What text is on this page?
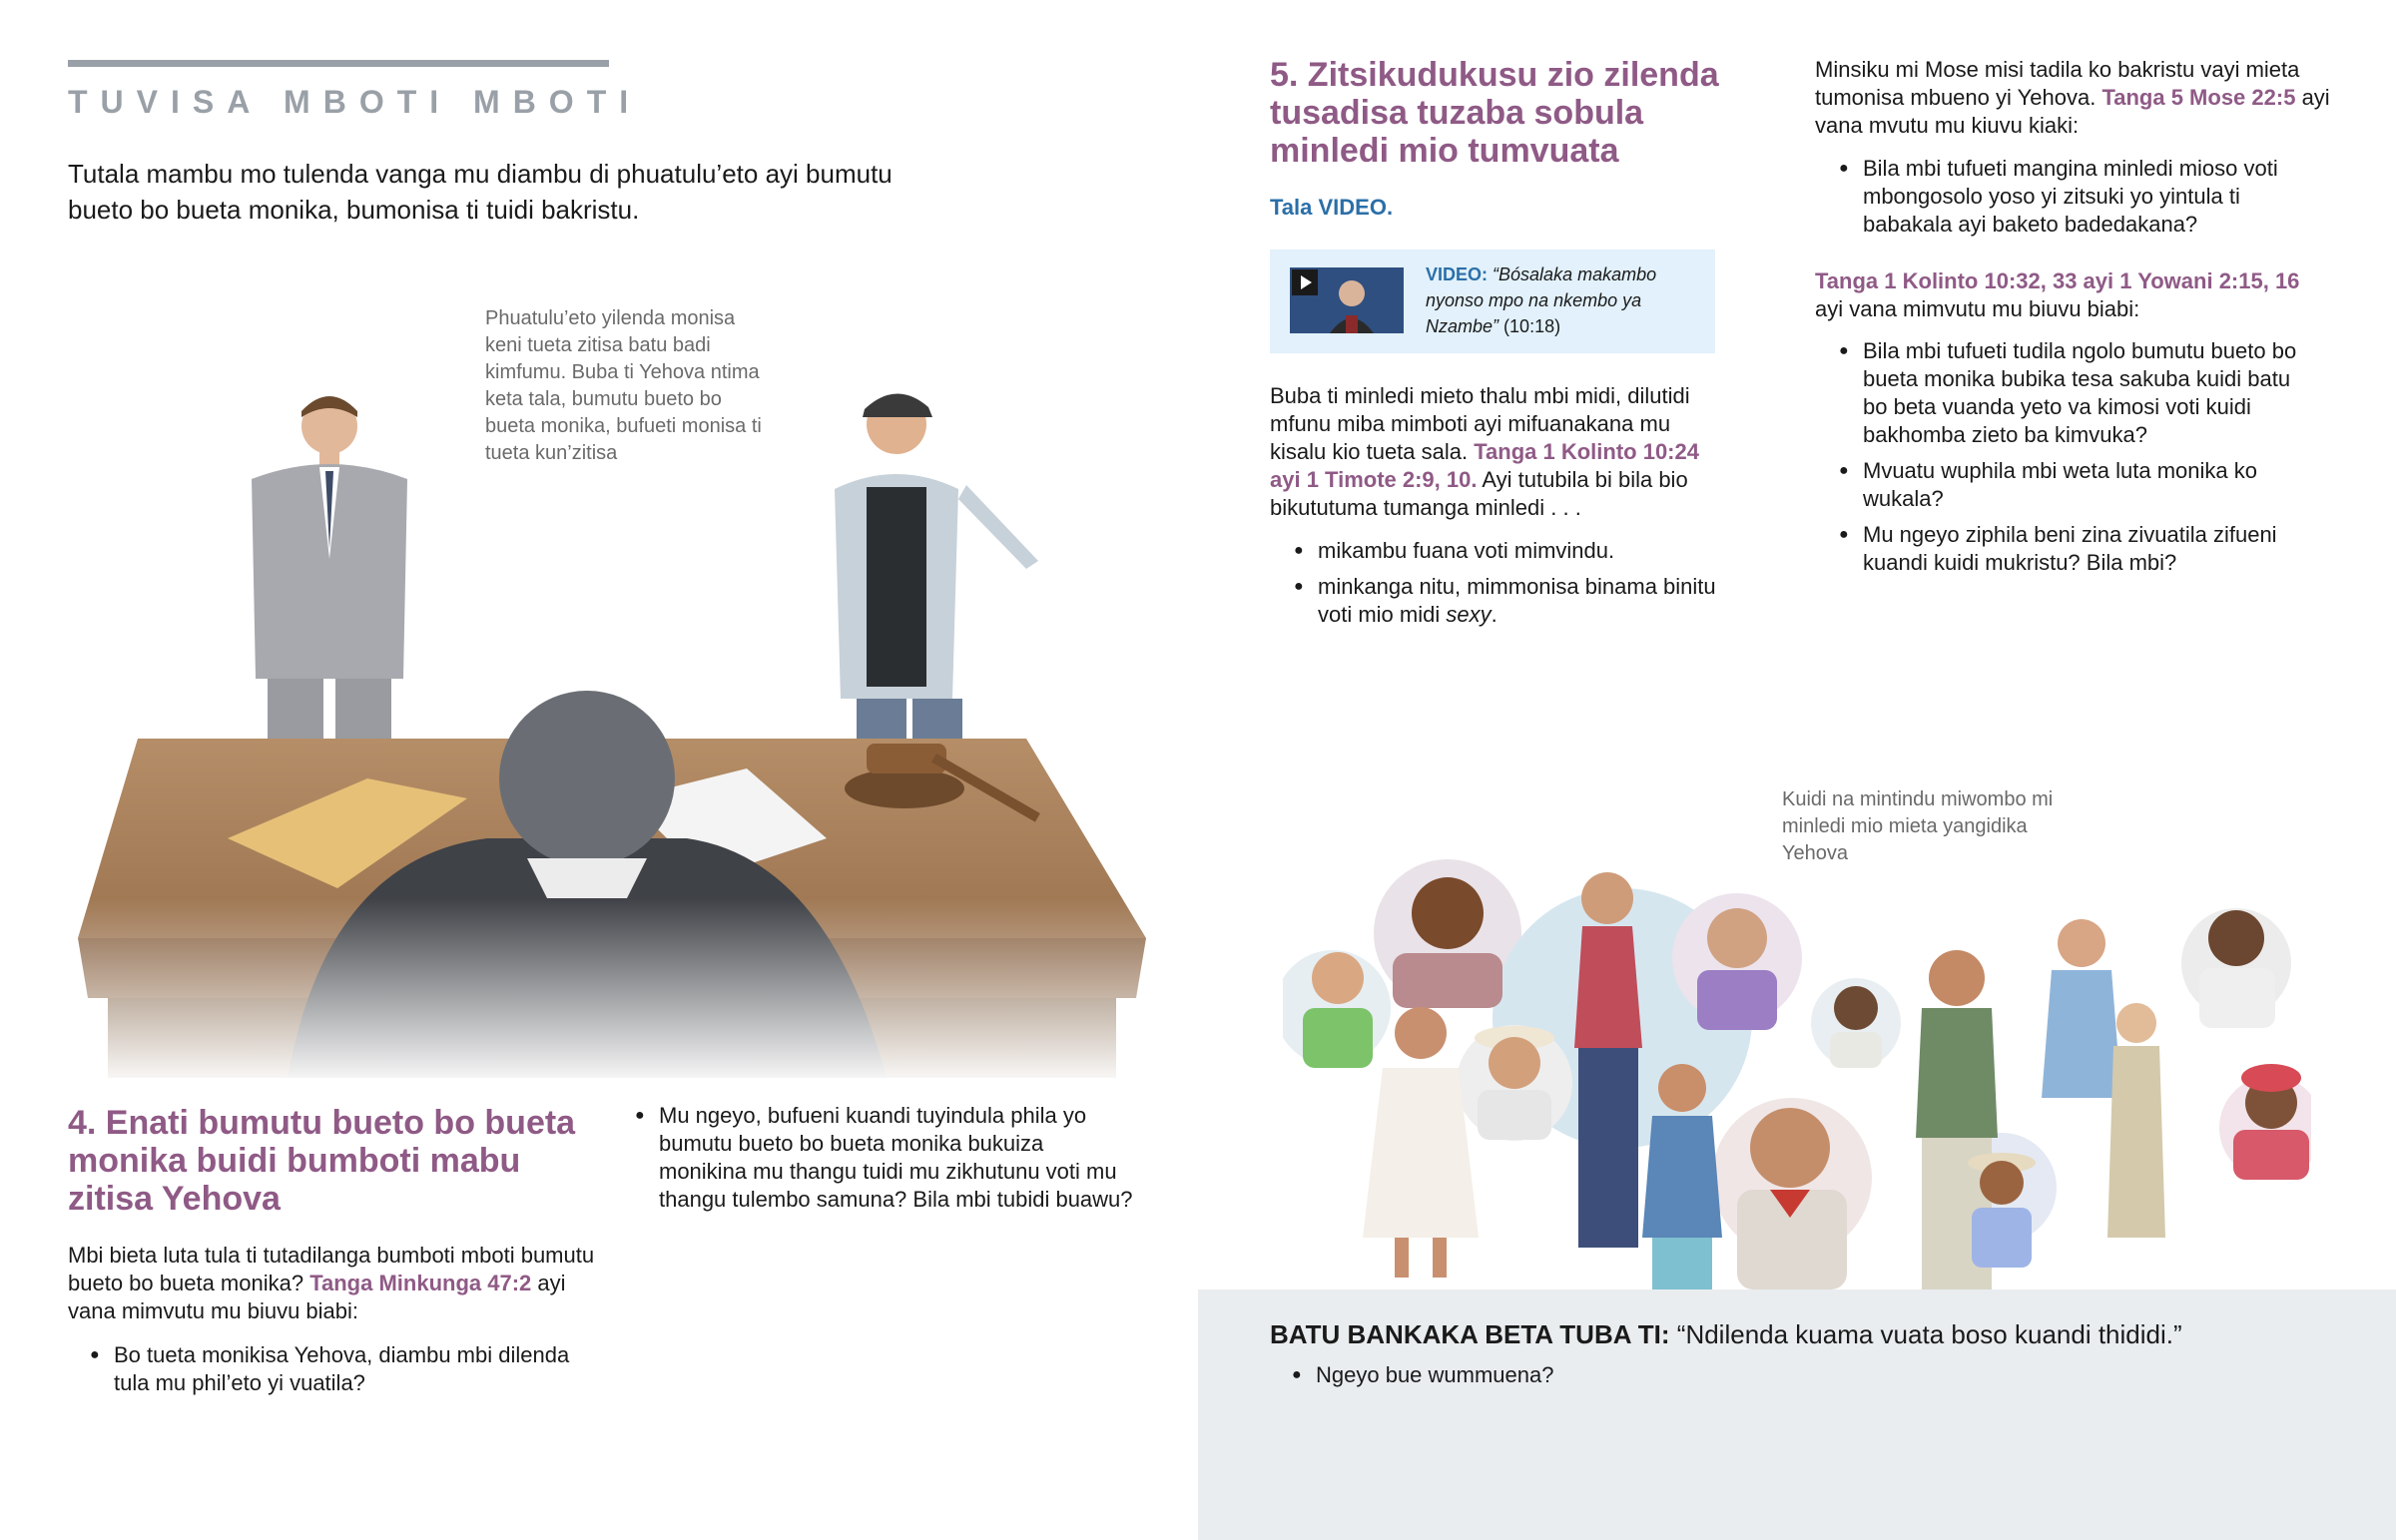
TUVISA MBOTI MBOTI

Tutala mambu mo tulenda vanga mu diambu di phuatulu’eto ayi bumutu bueto bo bueta monika, bumonisa ti tuidi bakristu.

Phuatulu’eto yilenda monisa keni tueta zitisa batu badi kimfumu. Buba ti Yehova ntima keta tala, bumutu bueto bo bueta monika, bufueti monisa ti tueta kun’zitisa

4. Enati bumutu bueto bo bueta monika buidi bumboti mabu zitisa Yehova

Mbi bieta luta tula ti tutadilanga bumboti mboti bumutu bueto bo bueta monika? Tanga Minkunga 47:2 ayi vana mimvutu mu biuvu biabi:

● Bo tueta monikisa Yehova, diambu mbi dilenda tula mu phil’eto yi vuatila?
● Mu ngeyo, bufueni kuandi tuyindula phila yo bumutu bueto bo bueta monika bukuiza monikina mu thangu tuidi mu zikhutunu voti mu thangu tulembo samuna? Bila mbi tubidi buawu?
5. Zitsikudukusu zio zilenda tusadisa tuzaba sobula minledi mio tumvuata
Tala VIDEO.
VIDEO: “Bósalaka makambo nyonso mpo na nkembo ya Nzambe” (10:18)

Buba ti minledi mieto thalu mbi midi, dilutidi mfunu miba mimboti ayi mifuanakana mu kisalu kio tueta sala. Tanga 1 Kolinto 10:24 ayi 1 Timote 2:9, 10. Ayi tutubila bi bila bio bikututuma tumanga minledi . . .

● mikambu fuana voti mimvindu.
● minkanga nitu, mimmonisa binama binitu voti mio midi sexy.

Minsiku mi Mose misi tadila ko bakristu vayi mieta tumonisa mbueno yi Yehova. Tanga 5 Mose 22:5 ayi vana mvutu mu kiuvu kiaki:

● Bila mbi tufueti mangina minledi mioso voti mbongosolo yoso yi zitsuki yo yintula ti babakala ayi baketo badedakana?

Tanga 1 Kolinto 10:32, 33 ayi 1 Yowani 2:15, 16
ayi vana mimvutu mu biuvu biabi:

● Bila mbi tufueti tudila ngolo bumutu bueto bo bueta monika bubika tesa sakuba kuidi batu bo beta vuanda yeto va kimosi voti kuidi bakhomba zieto ba kimvuka?
● Mvuatu wuphila mbi weta luta monika ko wukala?
● Mu ngeyo ziphila beni zina zivuatila zifueni kuandi kuidi mukristu? Bila mbi?

Kuidi na mintindu miwombo mi minledi mio mieta yangidika Yehova

BATU BANKAKA BETA TUBA TI: “Ndilenda kuama vuata boso kuandi thididi.”

● Ngeyo bue wummuena?
